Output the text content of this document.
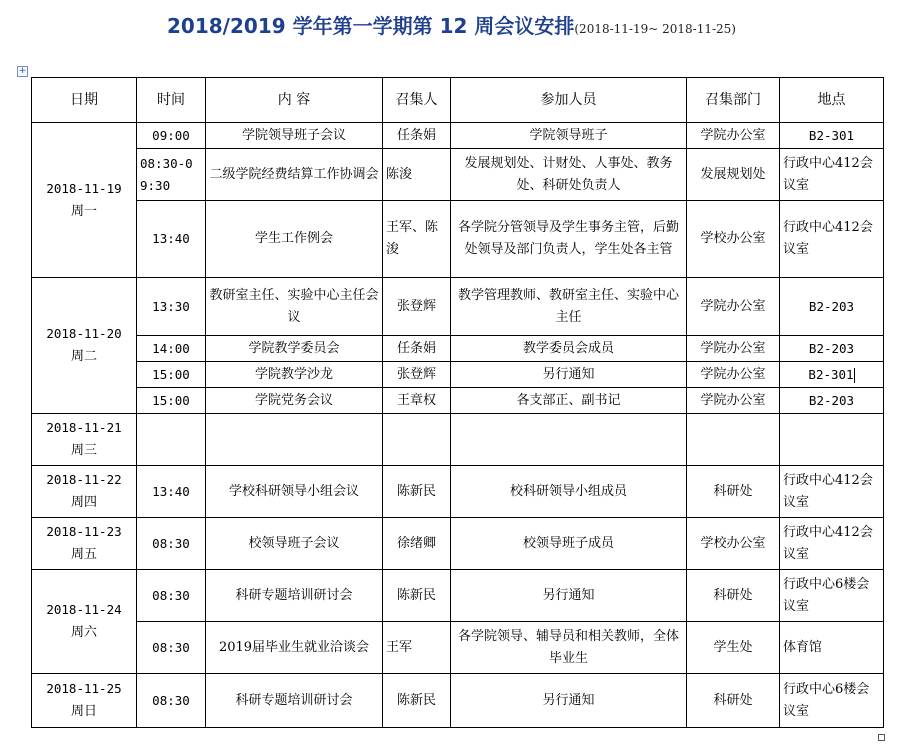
2018/2019 学年第一学期第 12 周会议安排(2018-11-19~ 2018-11-25)
+
日期	时间	内 容	召集人	参加人员	召集部门	地点
2018-11-19
周一	09:00	学院领导班子会议	任条娟	学院领导班子	学院办公室	B2-301
	08:30-09:30	二级学院经费结算工作协调会	陈浚	发展规划处、计财处、人事处、教务处、科研处负责人	发展规划处	行政中心412会议室
	13:40	学生工作例会	王军、陈浚	各学院分管领导及学生事务主管，后勤处领导及部门负责人，学生处各主管	学校办公室	行政中心412会议室
2018-11-20
周二	13:30	教研室主任、实验中心主任会议	张登辉	教学管理教师、教研室主任、实验中心主任	学院办公室	B2-203
	14:00	学院教学委员会	任条娟	教学委员会成员	学院办公室	B2-203
	15:00	学院教学沙龙	张登辉	另行通知	学院办公室	B2-301
	15:00	学院党务会议	王章权	各支部正、副书记	学院办公室	B2-203
2018-11-21
周三						
2018-11-22
周四	13:40	学校科研领导小组会议	陈新民	校科研领导小组成员	科研处	行政中心412会议室
2018-11-23
周五	08:30	校领导班子会议	徐绪卿	校领导班子成员	学校办公室	行政中心412会议室
2018-11-24
周六	08:30	科研专题培训研讨会	陈新民	另行通知	科研处	行政中心6楼会议室
	08:30	2019届毕业生就业洽谈会	王军	各学院领导、辅导员和相关教师，全体毕业生	学生处	体育馆
2018-11-25
周日	08:30	科研专题培训研讨会	陈新民	另行通知	科研处	行政中心6楼会议室
